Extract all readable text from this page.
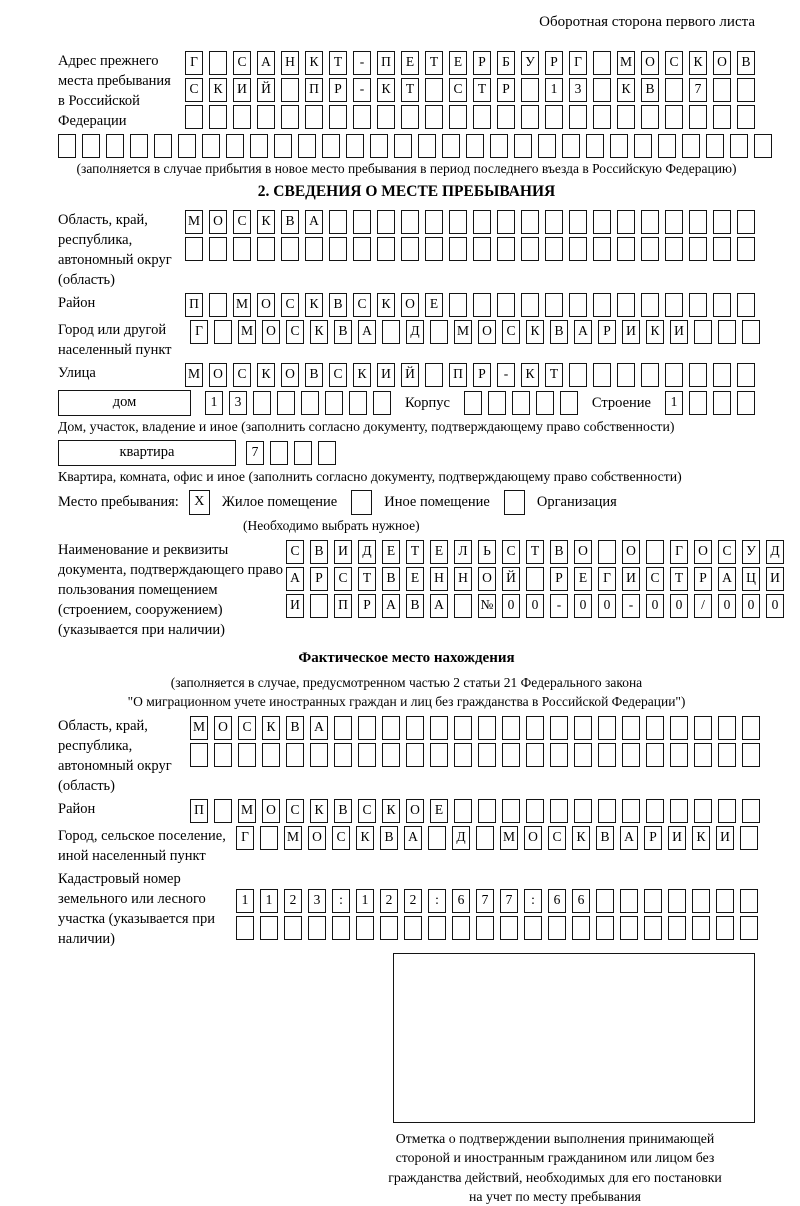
Оборотная сторона первого листа
Адрес прежнего места пребывания в Российской Федерации
Г	С	А	Н	К	Т	-	П	Е	Т	Е	Р	Б	У	Р	Г	М О	С	К	О	В
С	К	И	Й	П	Р	-	К	Т	С	Т	Р	1	3	К	В	7
(заполняется в случае прибытия в новое место пребывания в период последнего въезда в Российскую Федерацию)
2. СВЕДЕНИЯ О МЕСТЕ ПРЕБЫВАНИЯ
Область, край, республика, автономный округ (область)
М О	С	К	В	А
Район	П	М О	С	К	В	С	К	О	Е
Город или другой населенный пункт
Г	М О	С	К	В	А	Д	М О	С	К	В	А	Р	И	К	И
Улица	М О	С	К	О	В	С	К	И	Й	П	Р	-	К	Т
дом	1	3	Корпус	Строение	1
Дом, участок, владение и иное (заполнить согласно документу, подтверждающему право собственности)
квартира	7
Квартира, комната, офис и иное (заполнить согласно документу, подтверждающему право собственности)
Место пребывания:	X	Жилое помещение	Иное помещение	Организация
(Необходимо выбрать нужное)
Наименование и реквизиты документа, подтверждающего право пользования помещением (строением, сооружением) (указывается при наличии)
С	В	И	Д	Е	Т	Е	Л	Ь	С	Т	В	О	О	Г	О	С	У	Д
А	Р	С	Т	В	Е	Н	Н	О	Й	Р	Е	Г	И	С	Т	Р	А	Ц	И
И	П	Р	А	В	А	№	0	0	-	0	0	-	0	0	/	0	0	0
Фактическое место нахождения
(заполняется в случае, предусмотренном частью 2 статьи 21 Федерального закона
"О миграционном учете иностранных граждан и лиц без гражданства в Российской Федерации")
Область, край, республика, автономный округ (область)
М О	С	К	В	А
Район	П	М О	С	К	В	С	К	О	Е
Город, сельское поселение, иной населенный пункт
Г	М О	С	К	В	А	Д	М О	С	К	В	А	Р	И	К	И
Кадастровый номер земельного или лесного участка (указывается при наличии)
1	1	2	3	:	1	2	2	:	6	7	7	:	6	6
Отметка о подтверждении выполнения принимающей
стороной и иностранным гражданином или лицом без
гражданства действий, необходимых для его постановки
на учет по месту пребывания
